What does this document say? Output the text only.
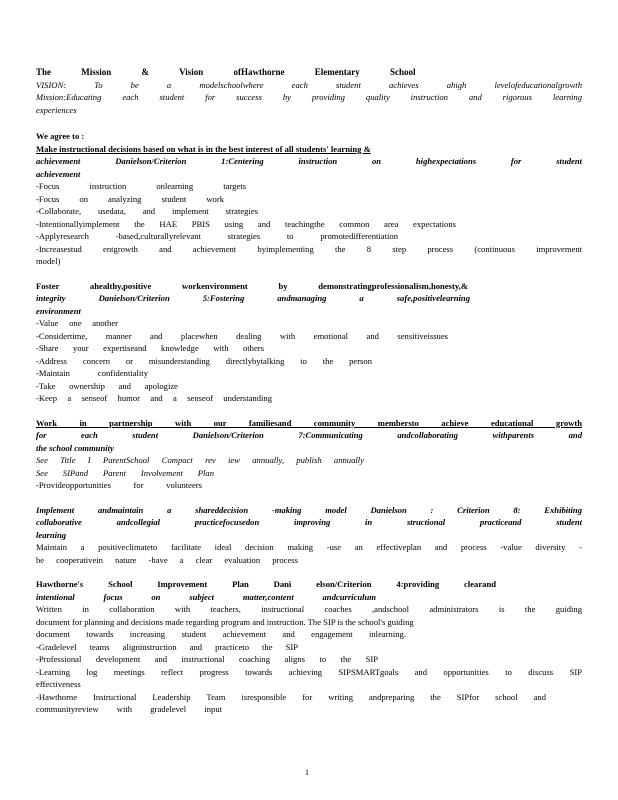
The Mission & Vision ofHawthorne Elementary School
VISION: To be a modelschoolwhere each student achieves ahigh levelofeducationalgrowth
Mission:Educating each student for success by providing quality instruction and rigorous learning
experiences
We agree to :
Make instructional decisions based on what is in the best interest of all students' learning &
achievement Danielson/Criterion 1:Centering instruction on highexpectations for student
achievement
-Focus instruction onlearning targets
-Focus on analyzing student work
-Collaborate, usedata, and implement strategies
-Intentionallyimplement the HAE PBIS using and teachingthe common area expectations
-Applyresearch -based,culturallyrelevant strategies to promotedifferentiation
-Increasestud entgrowth and achievement byimplementing the 8 step process (continuous improvement
model)
Foster ahealthy,positive workenvironment by demonstratingprofessionalism,honesty,&
integrity Danielson/Criterion 5:Fostering andmanaging a safe,positivelearning
environment
-Value one another
-Considertime, manner and placewhen dealing with emotional and sensitiveissues
-Share your expertiseand knowledge with others
-Address concern or misunderstanding directlybytalking to the person
-Maintain confidentiality
-Take ownership and apologize
-Keep a senseof humor and a senseof understanding
Work in partnership with our familiesand community membersto achieve educational growth
for each student Danielson/Criterion 7:Communicating andcollaborating withparents and
the school community
See Title I ParentSchool Compact rev iew annually, publish annually
See SIPand Parent Involvement Plan
-Provideopportunities for volunteers
Implement andmaintain a shareddecision -making model Danielson : Criterion 8: Exhibiting
collaborative andcollegial practicefocusedon improving in structional practiceand student
learning
Maintain a positiveclimateto facilitate ideal decision making -use an effectiveplan and process -value diversity -
be cooperativein nature -have a clear evaluation process
Hawthorne's School Improvement Plan Dani elson/Criterion 4:providing clearand
intentional focus on subject matter,content andcurriculum
Written in collaboration with teachers, instructional coaches ,andschool administrators is the guiding
document for planning and decisions made regarding program and instruction. The SIP is the school's guiding
document towards increasing student achievement and engagement inlearning.
-Gradelevel teams aligninstruction and practiceto the SIP
-Professional development and instructional coaching aligns to the SIP
-Learning log meetings reflect progress towards achieving SIPSMARTgoals and opportunities to discuss SIP
effectiveness
-Hawthorne Instructional Leadership Team isresponsible for writing andpreparing the SIPfor school and
communityreview with gradelevel input
1
